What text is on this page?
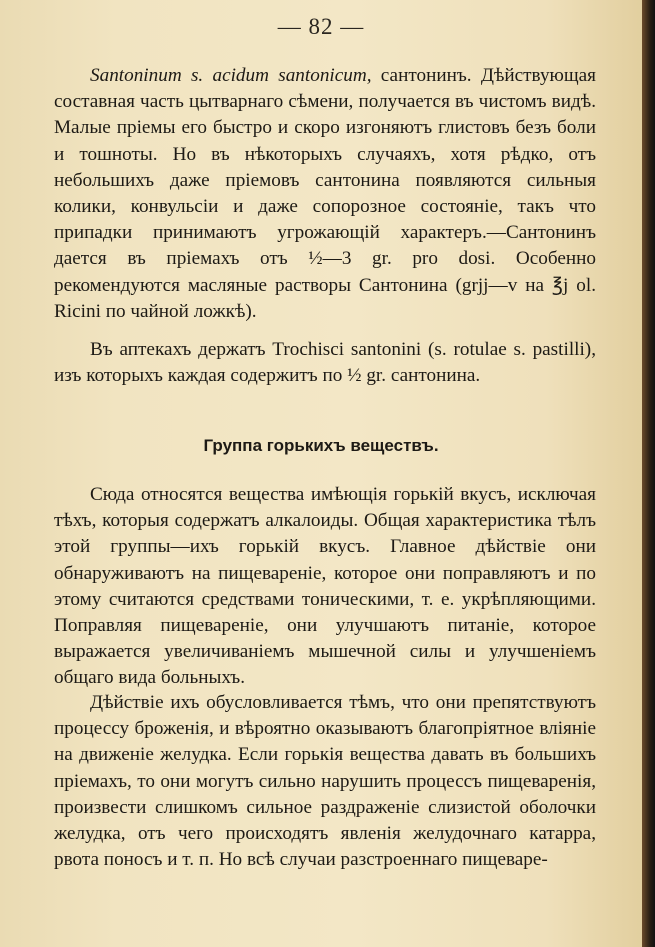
— 82 —

Santoninum s. acidum santonicum, сантонинъ. Дѣйствующая составная часть цытварнаго сѣмени, получается въ чистомъ видѣ. Малые пріемы его быстро и скоро изгоняютъ глистовъ безъ боли и тошноты. Но въ нѣкоторыхъ случаяхъ, хотя рѣдко, отъ небольшихъ даже пріемовъ сантонина появляются сильныя колики, конвульсіи и даже сопорозное состояніе, такъ что припадки принимаютъ угрожающій характеръ.—Сантонинъ дается въ пріемахъ отъ ½—3 gr. pro dosi. Особенно рекомендуются масляные растворы Сантонина (grjj—v на ℥j ol. Ricini по чайной ложкѣ).

Въ аптекахъ держатъ Trochisci santonini (s. rotulae s. pastilli), изъ которыхъ каждая содержитъ по ½ gr. сантонина.

Группа горькихъ веществъ.

Сюда относятся вещества имѣющія горькій вкусъ, исключая тѣхъ, которыя содержатъ алкалоиды. Общая характеристика тѣлъ этой группы—ихъ горькій вкусъ. Главное дѣйствіе они обнаруживаютъ на пищевареніе, которое они поправляютъ и по этому считаются средствами тоническими, т. е. укрѣпляющими. Поправляя пищевареніе, они улучшаютъ питаніе, которое выражается увеличиваніемъ мышечной силы и улучшеніемъ общаго вида больныхъ.

Дѣйствіе ихъ обусловливается тѣмъ, что они препятствуютъ процессу броженія, и вѣроятно оказываютъ благопріятное вліяніе на движеніе желудка. Если горькія вещества давать въ большихъ пріемахъ, то они могутъ сильно нарушить процессъ пищеваренія, произвести слишкомъ сильное раздраженіе слизистой оболочки желудка, отъ чего происходятъ явленія желудочнаго катарра, рвота поносъ и т. п. Но всѣ случаи разстроеннаго пищеваре-
